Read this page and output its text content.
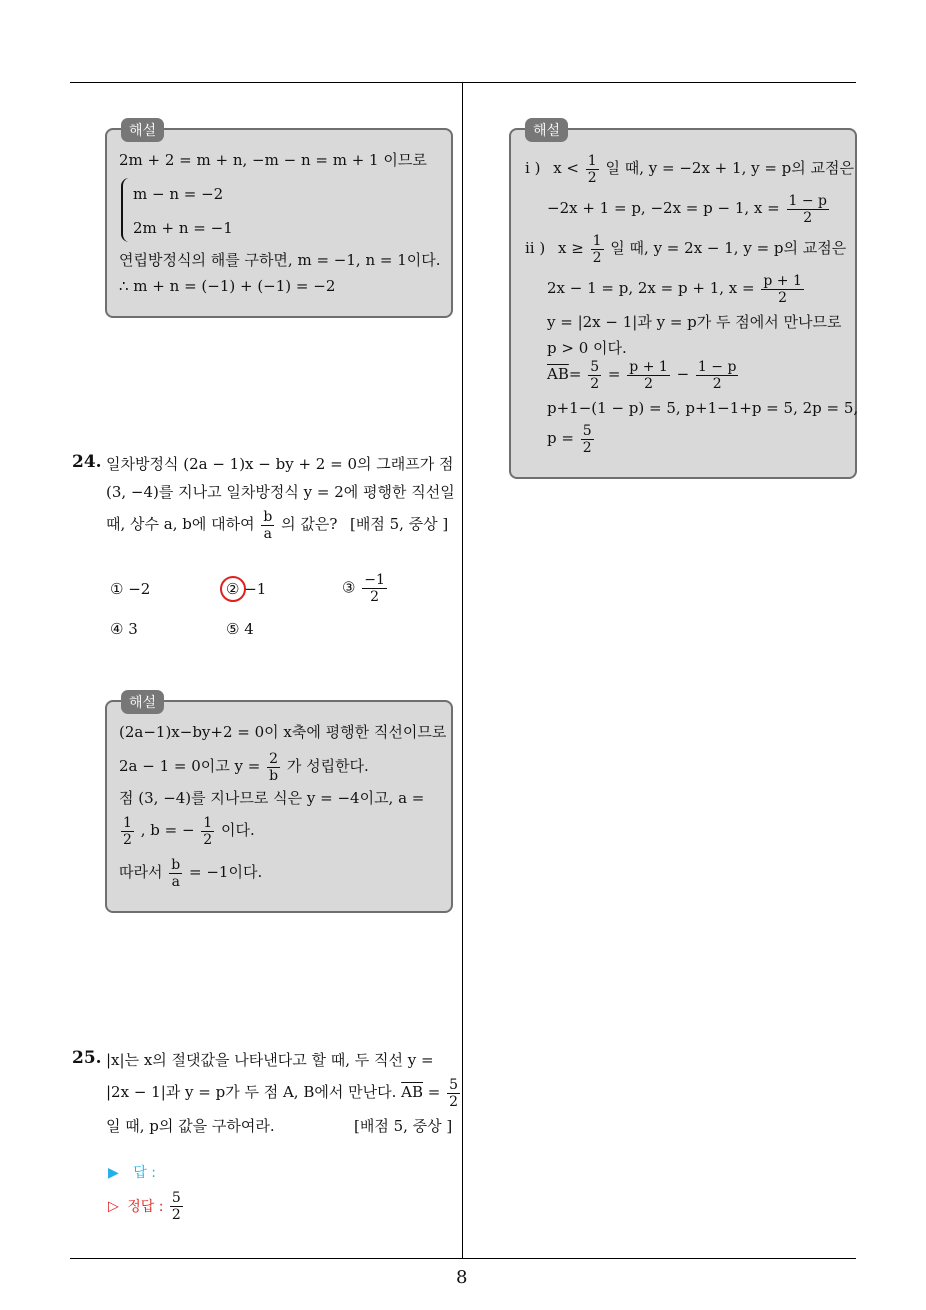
8
해설
2m + 2 = m + n, −m − n = m + 1 이므로
m − n = −2
2m + n = −1
연립방정식의 해를 구하면, m = −1, n = 1이다.
∴ m + n = (−1) + (−1) = −2
24. 일차방정식 (2a − 1)x − by + 2 = 0의 그래프가 점
(3, −4)를 지나고 일차방정식 y = 2에 평행한 직선일
때, 상수 a, b에 대하여 $\frac{b}{a}$ 의 값은? [배점 5, 중상 ]
① −2	② −1	③ $\frac{-1}{2}$
④ 3	⑤ 4
해설
(2a−1)x−by+2 = 0이 x축에 평행한 직선이므로
2a − 1 = 0이고 $y = \frac{2}{b}$ 가 성립한다.
점 (3, −4)를 지나므로 식은 y = −4이고, a =
$\frac{1}{2}$ , b = − $\frac{1}{2}$ 이다.
따라서 $\frac{b}{a} = -1$이다.
25. |x|는 x의 절댓값을 나타낸다고 할 때, 두 직선 y =
|2x − 1|과 y = p가 두 점 A, B에서 만난다. $\overline{AB} = \frac{5}{2}$
일 때, p의 값을 구하여라.	[배점 5, 중상 ]
▶ 답 :
▷ 정답 : $\frac{5}{2}$
해설
i ) $x < \frac{1}{2}$ 일 때, y = −2x + 1, y = p의 교점은
−2x + 1 = p, −2x = p − 1, $x = \frac{1 - p}{2}$
ii ) $x \ge \frac{1}{2}$ 일 때, y = 2x − 1, y = p의 교점은
2x − 1 = p, 2x = p + 1, $x = \frac{p + 1}{2}$
y = |2x − 1|과 y = p가 두 점에서 만나므로
p > 0 이다.
$\overline{AB}= \frac{5}{2} = \frac{p + 1}{2} - \frac{1 - p}{2}$
p+1−(1 − p) = 5, p+1−1+p = 5, 2p = 5,
$p = \frac{5}{2}$
